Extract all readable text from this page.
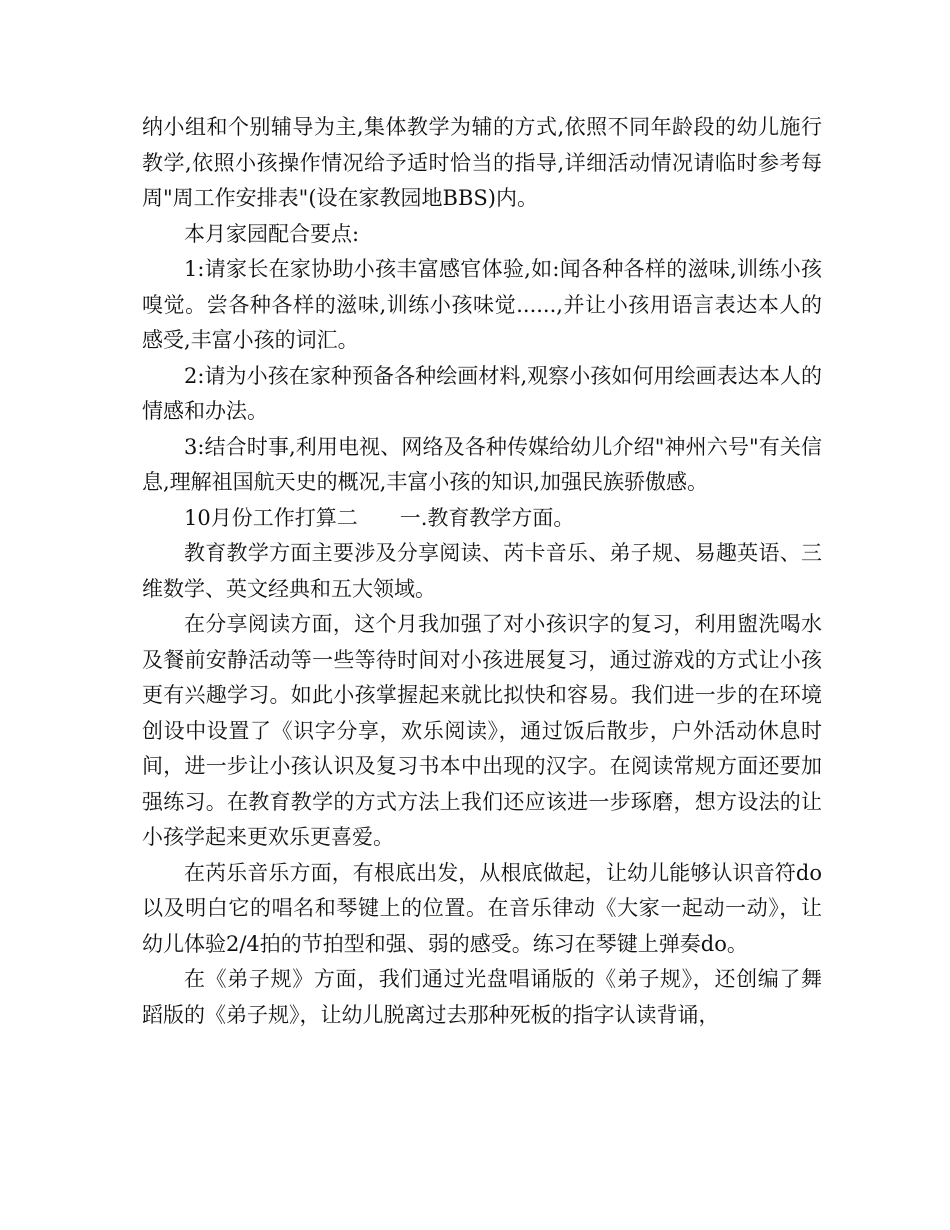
纳小组和个别辅导为主,集体教学为辅的方式,依照不同年龄段的幼儿施行教学,依照小孩操作情况给予适时恰当的指导,详细活动情况请临时参考每周"周工作安排表"(设在家教园地BBS)内。

本月家园配合要点:

1:请家长在家协助小孩丰富感官体验,如:闻各种各样的滋味,训练小孩嗅觉。尝各种各样的滋味,训练小孩味觉......,并让小孩用语言表达本人的感受,丰富小孩的词汇。

2:请为小孩在家种预备各种绘画材料,观察小孩如何用绘画表达本人的情感和办法。

3:结合时事,利用电视、网络及各种传媒给幼儿介绍"神州六号"有关信息,理解祖国航天史的概况,丰富小孩的知识,加强民族骄傲感。

10月份工作打算二　　一.教育教学方面。

教育教学方面主要涉及分享阅读、芮卡音乐、弟子规、易趣英语、三维数学、英文经典和五大领域。

在分享阅读方面，这个月我加强了对小孩识字的复习，利用盥洗喝水及餐前安静活动等一些等待时间对小孩进展复习，通过游戏的方式让小孩更有兴趣学习。如此小孩掌握起来就比拟快和容易。我们进一步的在环境创设中设置了《识字分享，欢乐阅读》，通过饭后散步，户外活动休息时间，进一步让小孩认识及复习书本中出现的汉字。在阅读常规方面还要加强练习。在教育教学的方式方法上我们还应该进一步琢磨，想方设法的让小孩学起来更欢乐更喜爱。

在芮乐音乐方面，有根底出发，从根底做起，让幼儿能够认识音符do以及明白它的唱名和琴键上的位置。在音乐律动《大家一起动一动》，让幼儿体验2/4拍的节拍型和强、弱的感受。练习在琴键上弹奏do。

在《弟子规》方面，我们通过光盘唱诵版的《弟子规》，还创编了舞蹈版的《弟子规》，让幼儿脱离过去那种死板的指字认读背诵，
